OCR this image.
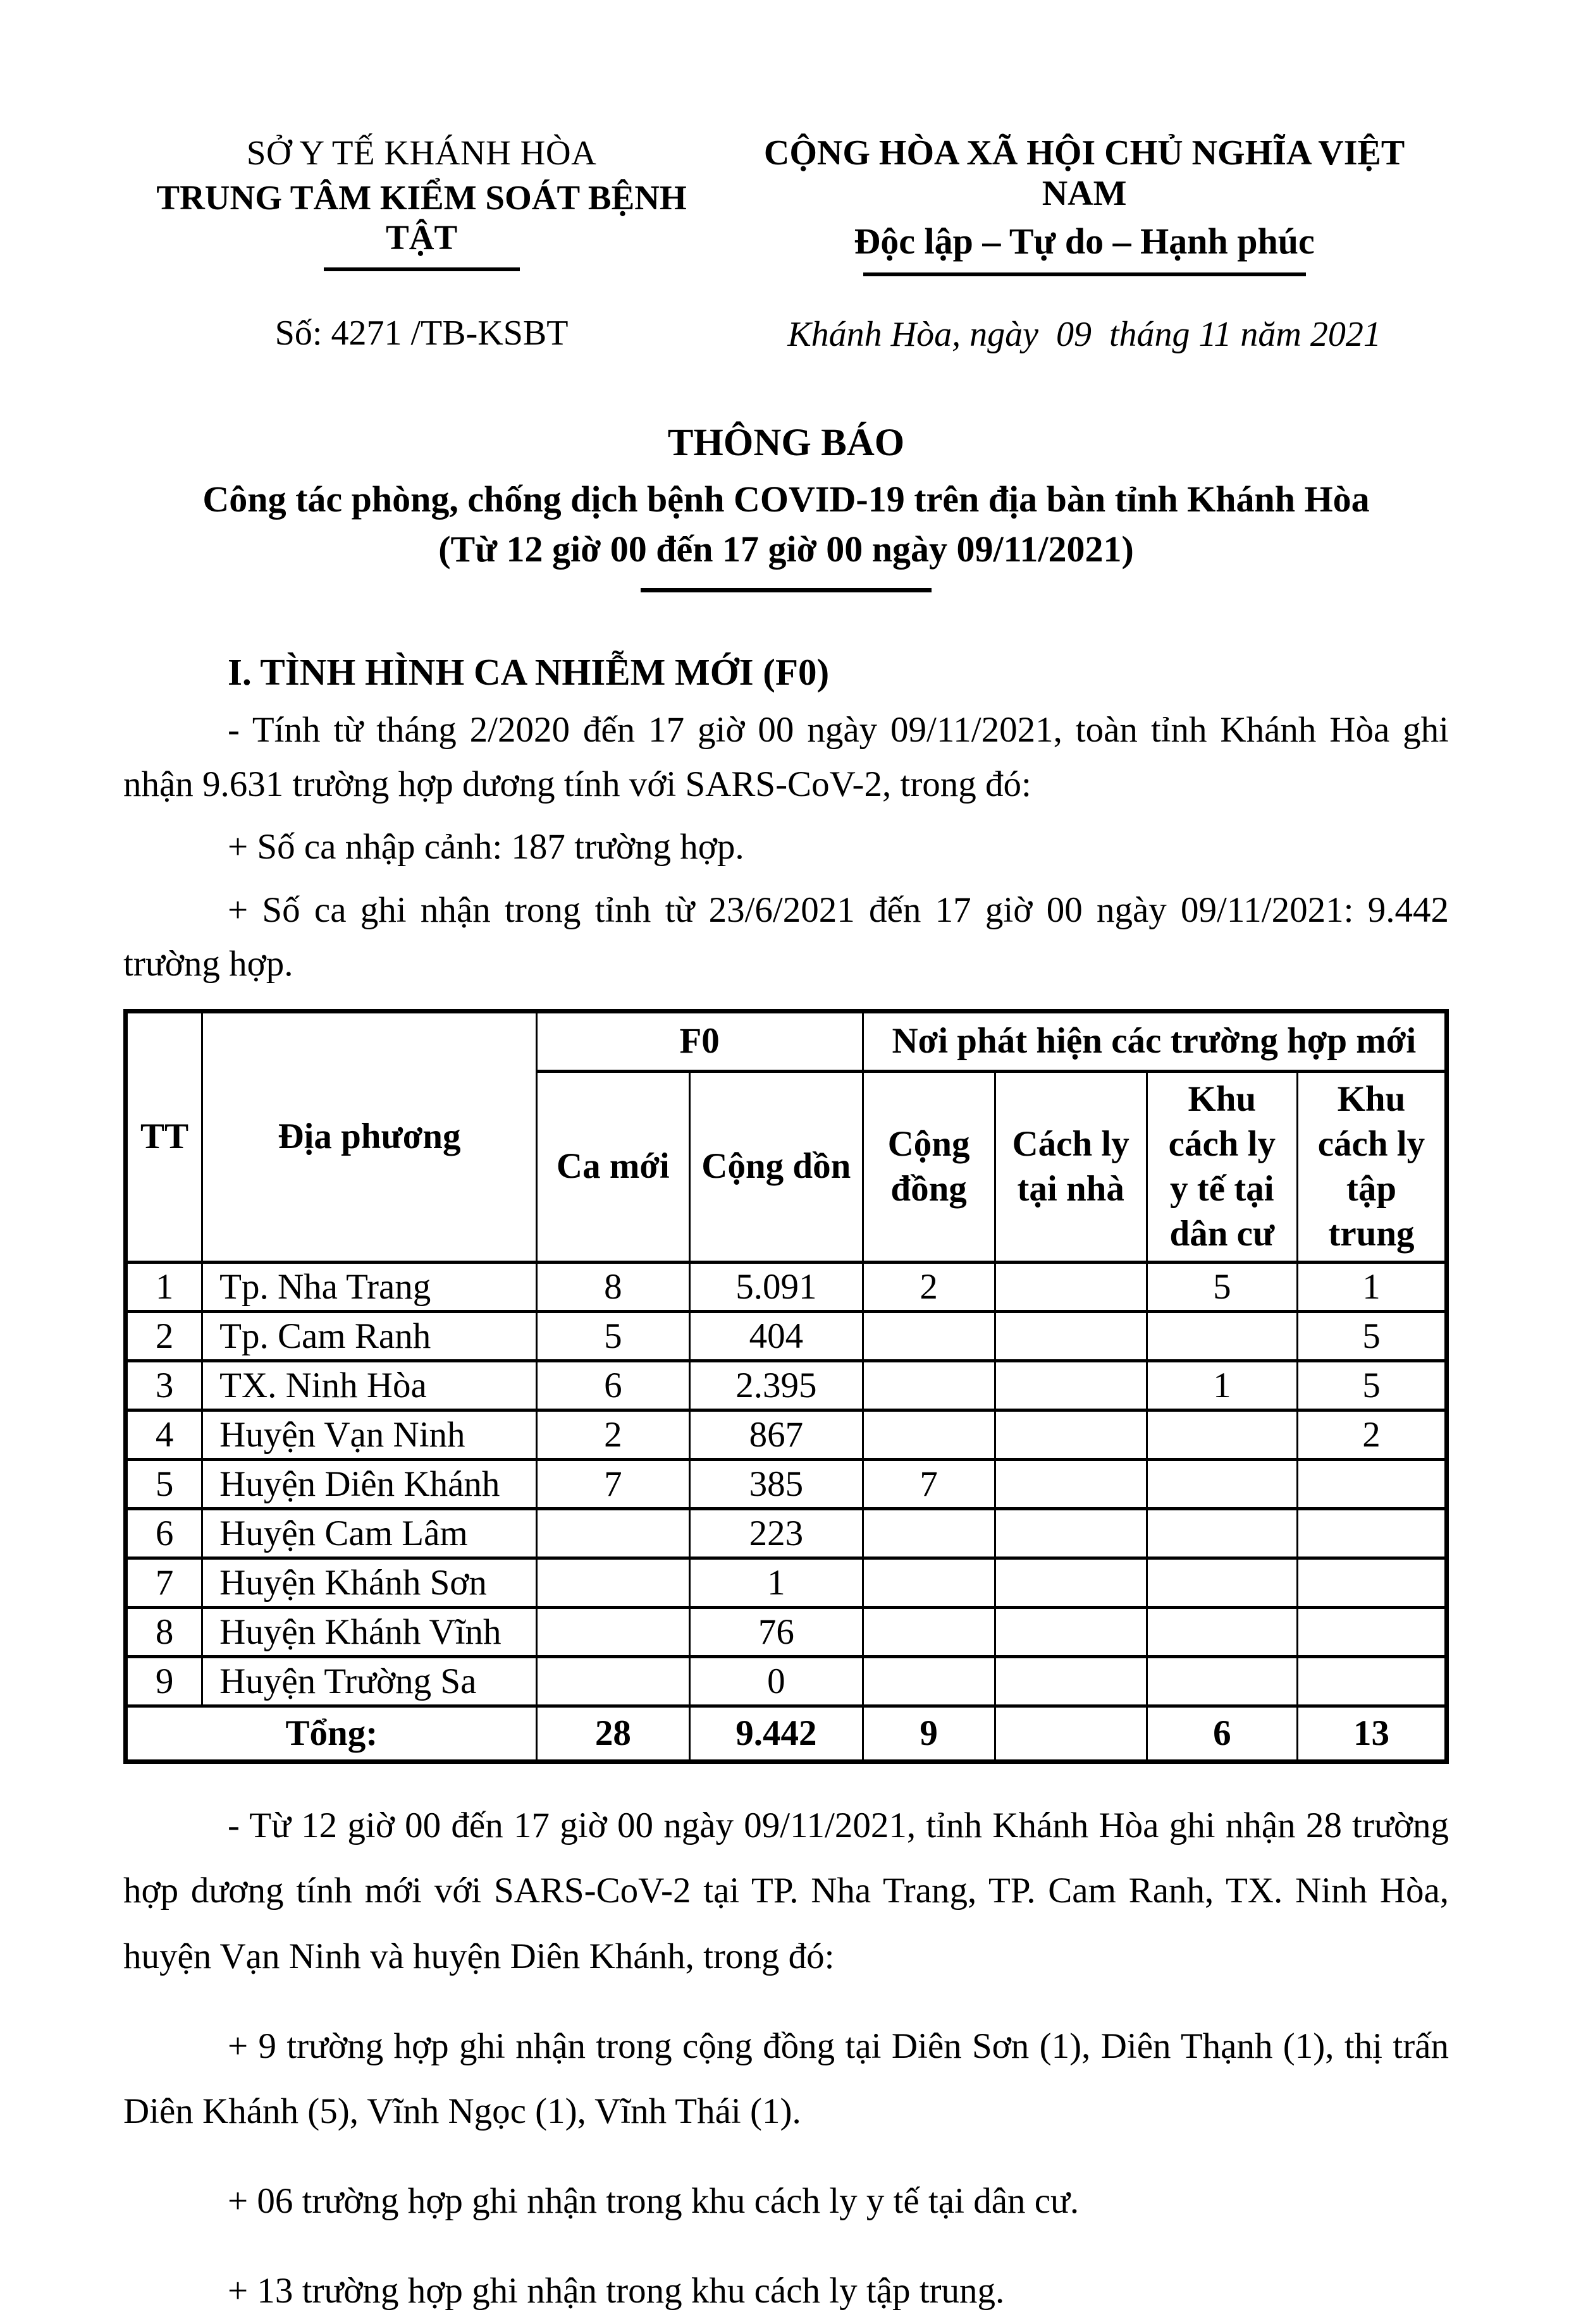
SỞ Y TẾ KHÁNH HÒA
TRUNG TÂM KIỂM SOÁT BỆNH TẬT
Số: 4271 /TB-KSBT
CỘNG HÒA XÃ HỘI CHỦ NGHĨA VIỆT NAM
Độc lập – Tự do – Hạnh phúc
Khánh Hòa, ngày  09  tháng 11 năm 2021
THÔNG BÁO
Công tác phòng, chống dịch bệnh COVID-19 trên địa bàn tỉnh Khánh Hòa
(Từ 12 giờ 00 đến 17 giờ 00 ngày 09/11/2021)
I. TÌNH HÌNH CA NHIỄM MỚI (F0)

- Tính từ tháng 2/2020 đến 17 giờ 00 ngày 09/11/2021, toàn tỉnh Khánh Hòa ghi nhận 9.631 trường hợp dương tính với SARS-CoV-2, trong đó:

+ Số ca nhập cảnh: 187 trường hợp.

+ Số ca ghi nhận trong tỉnh từ 23/6/2021 đến 17 giờ 00 ngày 09/11/2021: 9.442 trường hợp.

TT	Địa phương	F0		Nơi phát hiện các trường hợp mới			
		Ca mới	Cộng dồn	Cộng đồng	Cách ly tại nhà	Khu cách ly y tế tại dân cư	Khu cách ly tập trung
1	Tp. Nha Trang	8	5.091	2		5	1
2	Tp. Cam Ranh	5	404				5
3	TX. Ninh Hòa	6	2.395			1	5
4	Huyện Vạn Ninh	2	867				2
5	Huyện Diên Khánh	7	385	7			
6	Huyện Cam Lâm		223				
7	Huyện Khánh Sơn		1				
8	Huyện Khánh Vĩnh		76				
9	Huyện Trường Sa		0				
Tổng:		28	9.442	9		6	13

- Từ 12 giờ 00 đến 17 giờ 00 ngày 09/11/2021, tỉnh Khánh Hòa ghi nhận 28 trường hợp dương tính mới với SARS-CoV-2 tại TP. Nha Trang, TP. Cam Ranh, TX. Ninh Hòa, huyện Vạn Ninh và huyện Diên Khánh, trong đó:

+ 9 trường hợp ghi nhận trong cộng đồng tại Diên Sơn (1), Diên Thạnh (1), thị trấn Diên Khánh (5), Vĩnh Ngọc (1), Vĩnh Thái (1).

+ 06 trường hợp ghi nhận trong khu cách ly y tế tại dân cư.

+ 13 trường hợp ghi nhận trong khu cách ly tập trung.
